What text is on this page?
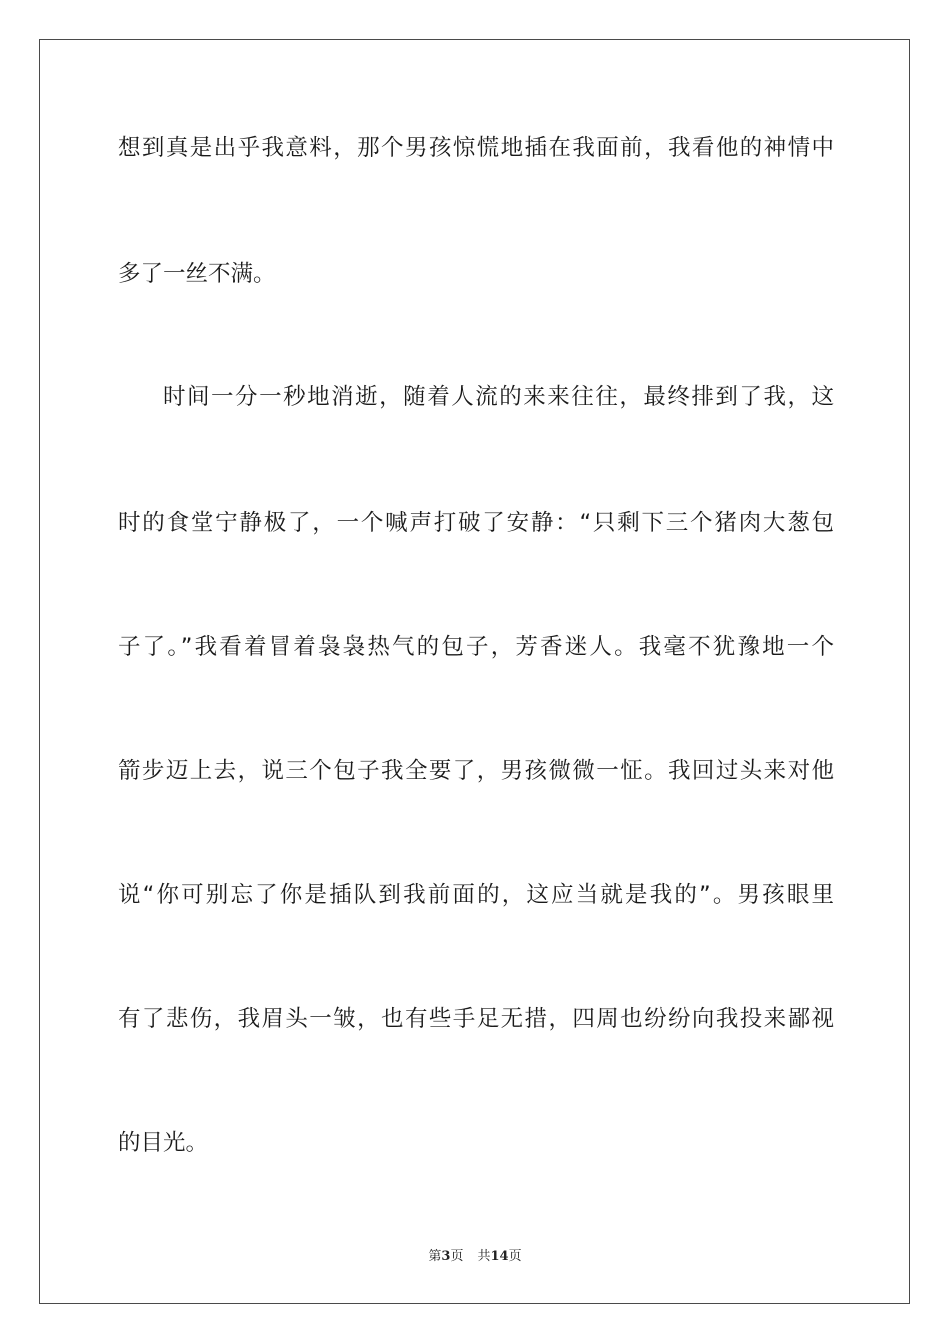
想到真是出乎我意料，那个男孩惊慌地插在我面前，我看他的神情中
多了一丝不满。
时间一分一秒地消逝，随着人流的来来往往，最终排到了我，这
时的食堂宁静极了，一个喊声打破了安静：“只剩下三个猪肉大葱包
子了。”我看着冒着袅袅热气的包子，芳香迷人。我毫不犹豫地一个
箭步迈上去，说三个包子我全要了，男孩微微一怔。我回过头来对他
说“你可别忘了你是插队到我前面的，这应当就是我的”。男孩眼里
有了悲伤，我眉头一皱，也有些手足无措，四周也纷纷向我投来鄙视
的目光。
第3页 共14页
